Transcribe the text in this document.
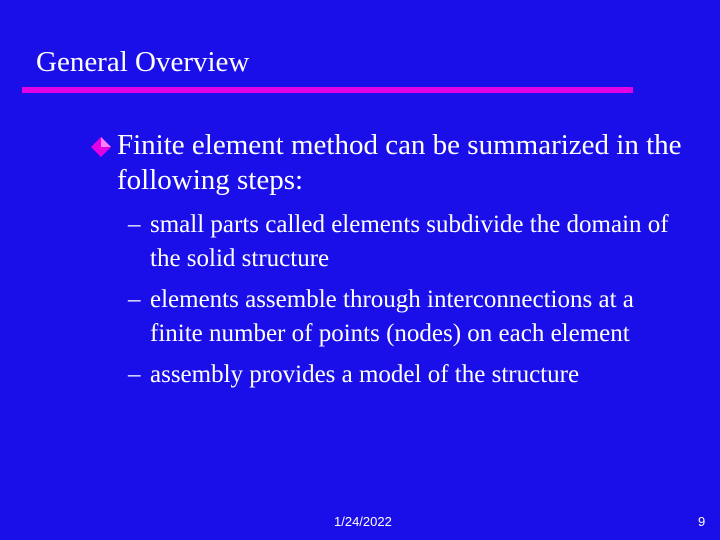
General Overview
Finite element method can be summarized in the following steps:
– small parts called elements subdivide the domain of the solid structure
– elements assemble through interconnections at a finite number of points (nodes) on each element
– assembly provides a model of the structure
1/24/2022	9
